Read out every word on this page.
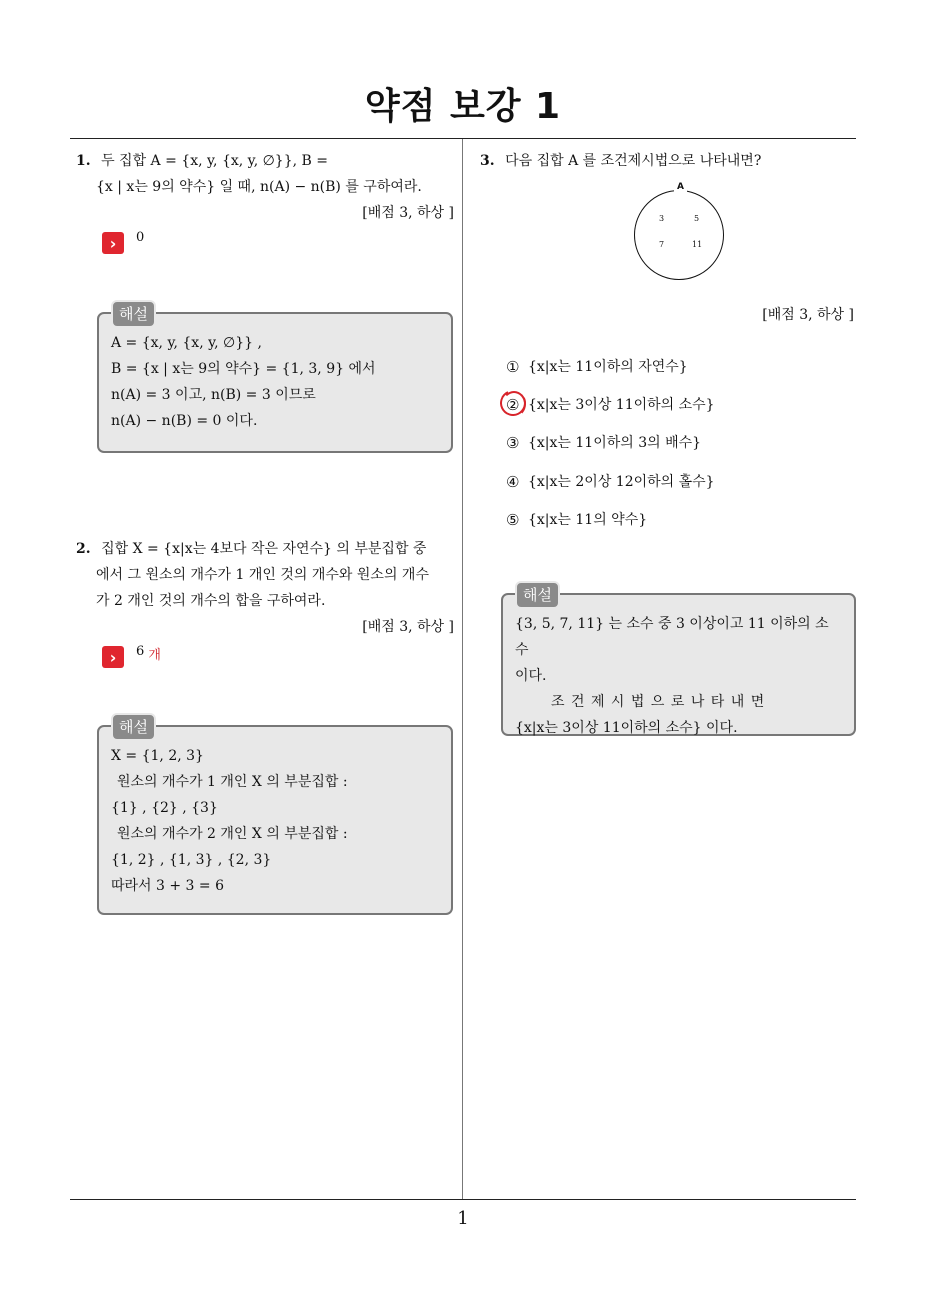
약점 보강 1
1. 두 집합 A = {x, y, {x, y, ∅}}, B =
{x | x는 9의 약수} 일 때, n(A) − n(B) 를 구하여라.
[배점 3, 하상 ]
›	0
해설
A = {x, y, {x, y, ∅}} ,
B = {x | x는 9의 약수} = {1, 3, 9} 에서
n(A) = 3 이고, n(B) = 3 이므로
n(A) − n(B) = 0 이다.
2. 집합 X = {x|x는 4보다 작은 자연수} 의 부분집합 중
에서 그 원소의 개수가 1 개인 것의 개수와 원소의 개수
가 2 개인 것의 개수의 합을 구하여라.
[배점 3, 하상 ]
›	6
개
해설
X = {1, 2, 3}
원소의 개수가 1 개인 X 의 부분집합 :
{1} , {2} , {3}
원소의 개수가 2 개인 X 의 부분집합 :
{1, 2} , {1, 3} , {2, 3}
따라서 3 + 3 = 6
3. 다음 집합 A 를 조건제시법으로 나타내면?
A
3	5
7	11
[배점 3, 하상 ]
① {x|x는 11이하의 자연수}
② {x|x는 3이상 11이하의 소수}
③ {x|x는 11이하의 3의 배수}
④ {x|x는 2이상 12이하의 홀수}
⑤ {x|x는 11의 약수}
해설
{3, 5, 7, 11} 는 소수 중 3 이상이고 11 이하의 소수
이다.
조 건 제 시 법 으 로 나 타 내 면
{x|x는 3이상 11이하의 소수} 이다.
1
